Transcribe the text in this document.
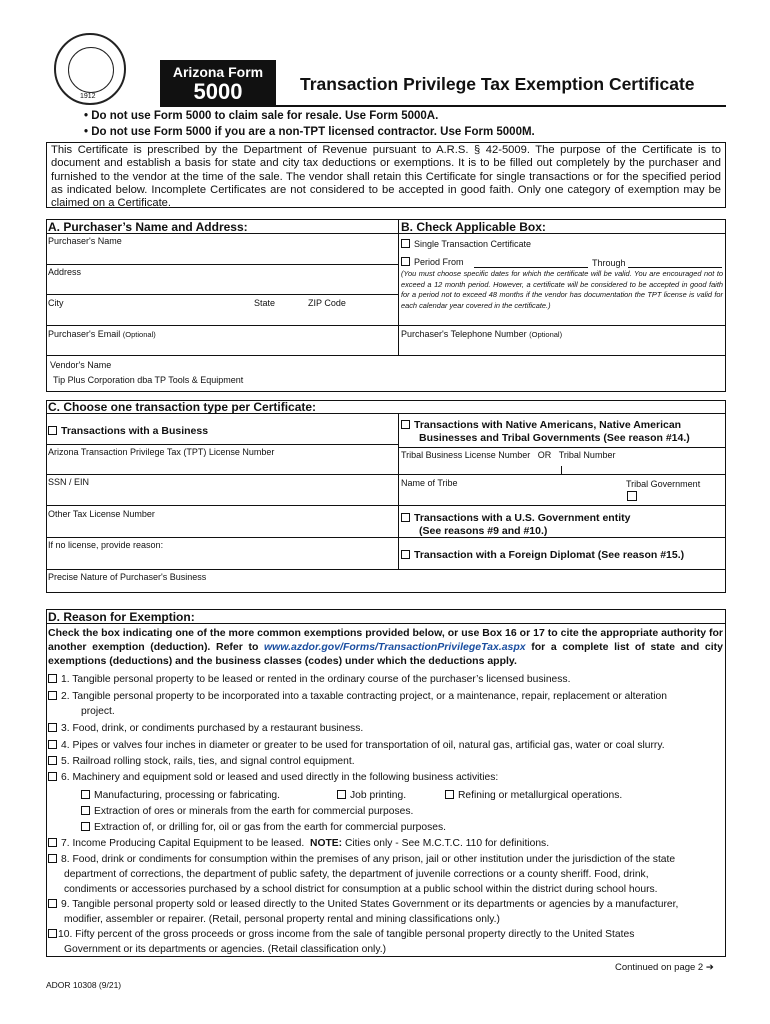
1912
Arizona Form
5000	Transaction Privilege Tax Exemption Certificate
• Do not use Form 5000 to claim sale for resale. Use Form 5000A.
• Do not use Form 5000 if you are a non-TPT licensed contractor. Use Form 5000M.
This Certificate is prescribed by the Department of Revenue pursuant to A.R.S. § 42-5009. The purpose of the Certificate is to document and establish a basis for state and city tax deductions or exemptions. It is to be filled out completely by the purchaser and furnished to the vendor at the time of the sale. The vendor shall retain this Certificate for single transactions or for the specified period as indicated below. Incomplete Certificates are not considered to be accepted in good faith. Only one category of exemption may be claimed on a Certificate.
A. Purchaser’s Name and Address:	B. Check Applicable Box:
Purchaser's Name
Address
City	State	ZIP Code
Purchaser's Email (Optional)	Purchaser's Telephone Number (Optional)
Vendor's Name
Tip Plus Corporation dba TP Tools & Equipment
Single Transaction Certificate
Period From	Through
(You must choose specific dates for which the certificate will be valid. You are encouraged not to exceed a 12 month period. However, a certificate will be considered to be accepted in good faith for a period not to exceed 48 months if the vendor has documentation the TPT license is valid for each calendar year covered in the certificate.)
C. Choose one transaction type per Certificate:
Transactions with a Business
Arizona Transaction Privilege Tax (TPT) License Number
SSN / EIN
Other Tax License Number
If no license, provide reason:
Precise Nature of Purchaser's Business
Transactions with Native Americans, Native American
Businesses and Tribal Governments (See reason #14.)
Tribal Business License Number OR Tribal Number
Name of Tribe	Tribal Government
Transactions with a U.S. Government entity
(See reasons #9 and #10.)
Transaction with a Foreign Diplomat (See reason #15.)
D. Reason for Exemption:
Check the box indicating one of the more common exemptions provided below, or use Box 16 or 17 to cite the appropriate authority for another exemption (deduction). Refer to www.azdor.gov/Forms/TransactionPrivilegeTax.aspx for a complete list of state and city exemptions (deductions) and the business classes (codes) under which the deductions apply.
1. Tangible personal property to be leased or rented in the ordinary course of the purchaser’s licensed business.
2. Tangible personal property to be incorporated into a taxable contracting project, or a maintenance, repair, replacement or alteration
project.
3. Food, drink, or condiments purchased by a restaurant business.
4. Pipes or valves four inches in diameter or greater to be used for transportation of oil, natural gas, artificial gas, water or coal slurry.
5. Railroad rolling stock, rails, ties, and signal control equipment.
6. Machinery and equipment sold or leased and used directly in the following business activities:
Manufacturing, processing or fabricating.	Job printing.	Refining or metallurgical operations.
Extraction of ores or minerals from the earth for commercial purposes.
Extraction of, or drilling for, oil or gas from the earth for commercial purposes.
7. Income Producing Capital Equipment to be leased. NOTE: Cities only - See M.C.T.C. 110 for definitions.
8. Food, drink or condiments for consumption within the premises of any prison, jail or other institution under the jurisdiction of the state
department of corrections, the department of public safety, the department of juvenile corrections or a county sheriff. Food, drink,
condiments or accessories purchased by a school district for consumption at a public school within the district during school hours.
9. Tangible personal property sold or leased directly to the United States Government or its departments or agencies by a manufacturer,
modifier, assembler or repairer. (Retail, personal property rental and mining classifications only.)
10. Fifty percent of the gross proceeds or gross income from the sale of tangible personal property directly to the United States
Government or its departments or agencies. (Retail classification only.)
Continued on page 2 ➔
ADOR 10308 (9/21)
